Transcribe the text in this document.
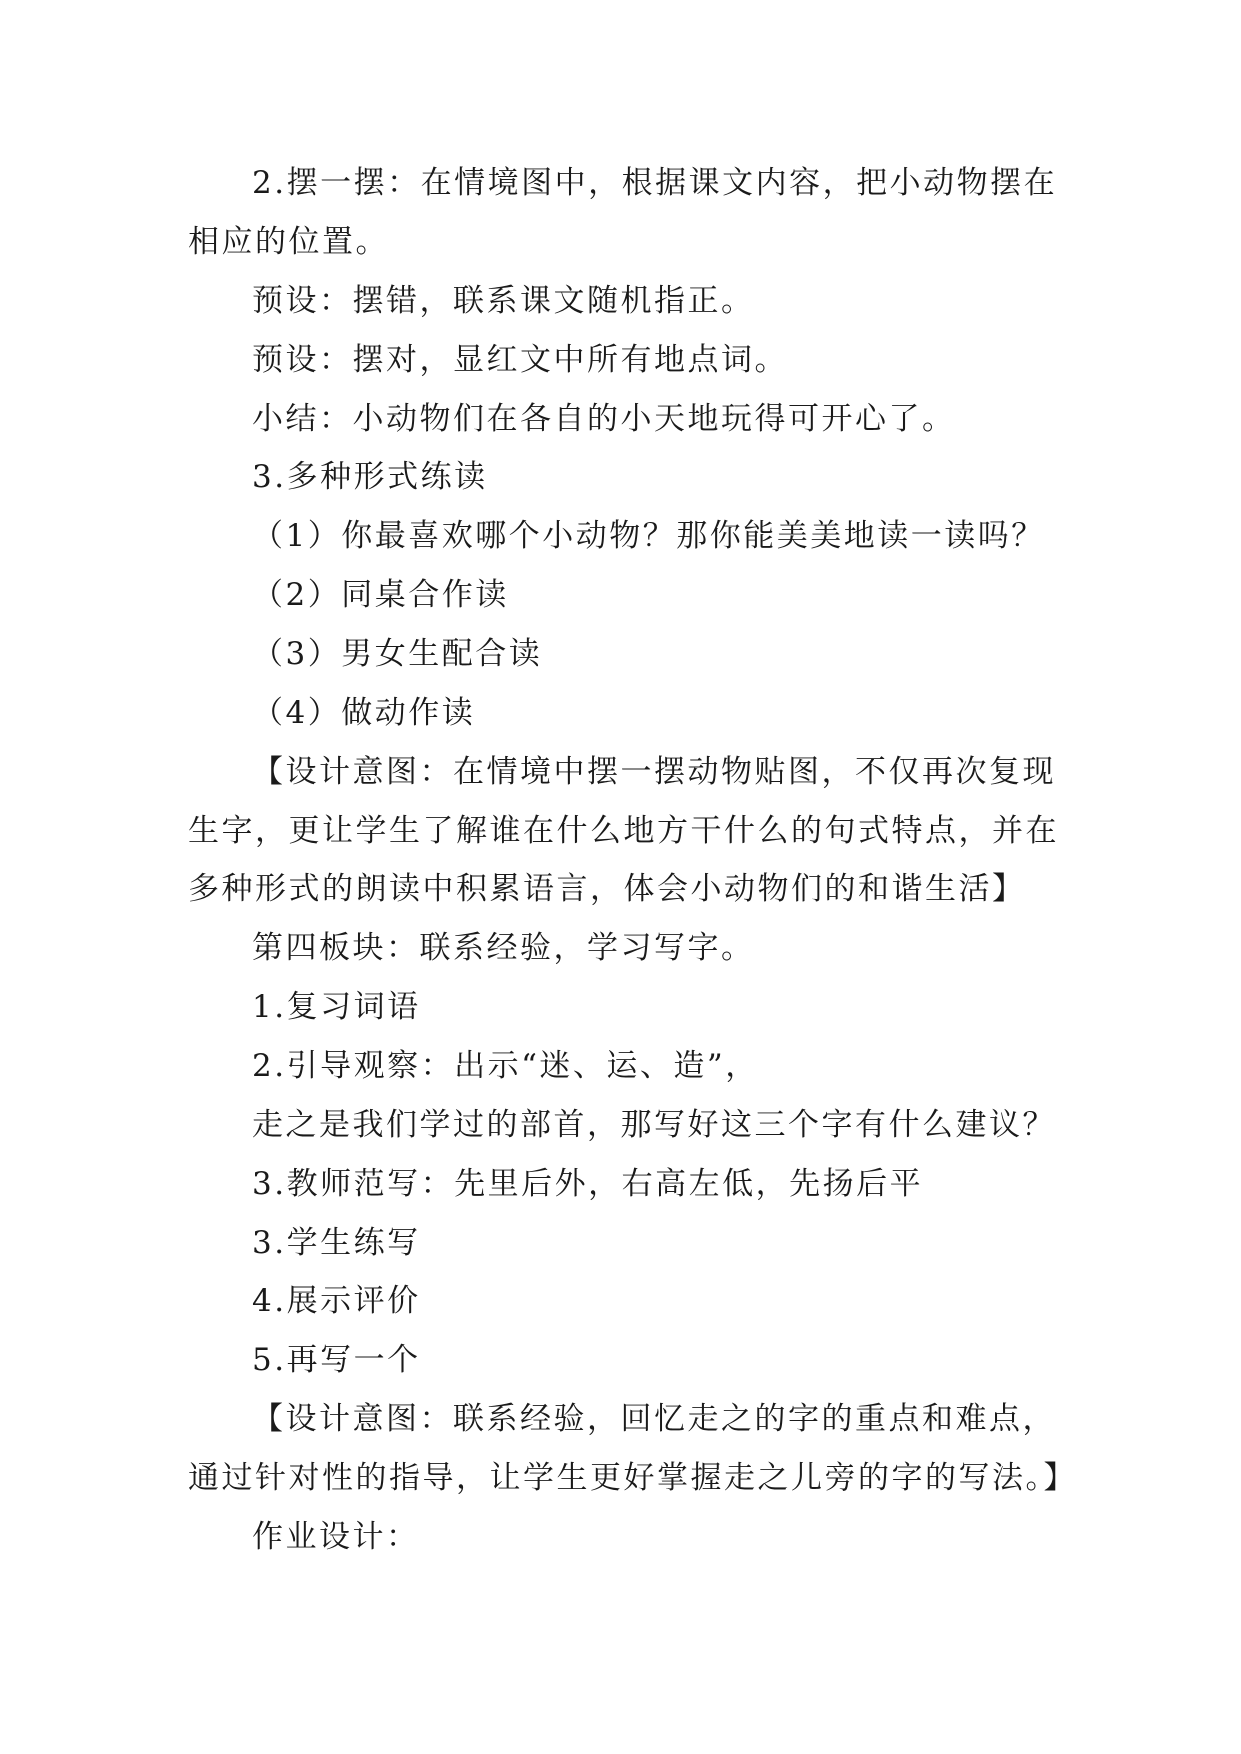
2.摆一摆：在情境图中，根据课文内容，把小动物摆在
相应的位置。
预设：摆错，联系课文随机指正。
预设：摆对，显红文中所有地点词。
小结：小动物们在各自的小天地玩得可开心了。
3.多种形式练读
（1）你最喜欢哪个小动物？那你能美美地读一读吗？
（2）同桌合作读
（3）男女生配合读
（4）做动作读
【设计意图：在情境中摆一摆动物贴图，不仅再次复现
生字，更让学生了解谁在什么地方干什么的句式特点，并在
多种形式的朗读中积累语言，体会小动物们的和谐生活】
第四板块：联系经验，学习写字。
1.复习词语
2.引导观察：出示“迷、运、造”，
走之是我们学过的部首，那写好这三个字有什么建议？
3.教师范写：先里后外，右高左低，先扬后平
3.学生练写
4.展示评价
5.再写一个
【设计意图：联系经验，回忆走之的字的重点和难点，
通过针对性的指导，让学生更好掌握走之儿旁的字的写法。】
作业设计：
